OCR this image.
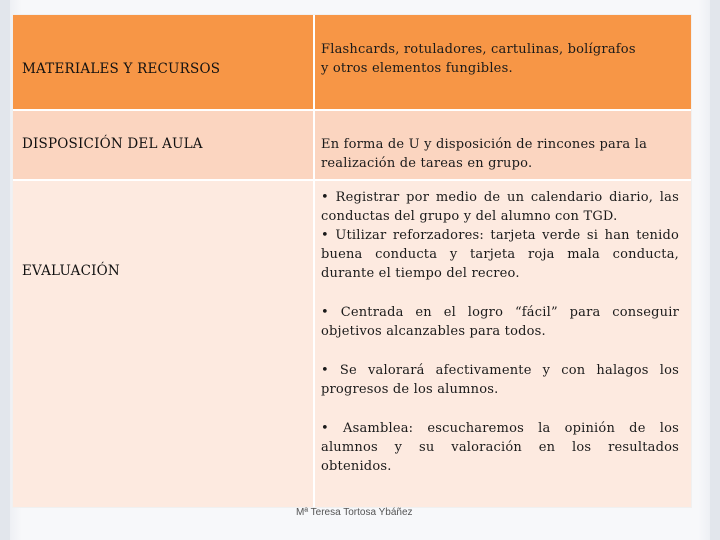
MATERIALES Y RECURSOS
Flashcards, rotuladores, cartulinas, bolígrafos
y otros elementos fungibles.
DISPOSICIÓN DEL AULA	En forma de U y disposición de rincones para la
realización de tareas en grupo.
EVALUACIÓN
• Registrar por medio de un calendario diario, las conductas del grupo y del alumno con TGD.
• Utilizar reforzadores: tarjeta verde si han tenido buena conducta y tarjeta roja mala conducta, durante el tiempo del recreo.
• Centrada en el logro “fácil” para conseguir objetivos alcanzables para todos.
• Se valorará afectivamente y con halagos los progresos de los alumnos.
• Asamblea: escucharemos la opinión de los alumnos y su valoración en los resultados obtenidos.
Mª Teresa Tortosa Ybáñez
